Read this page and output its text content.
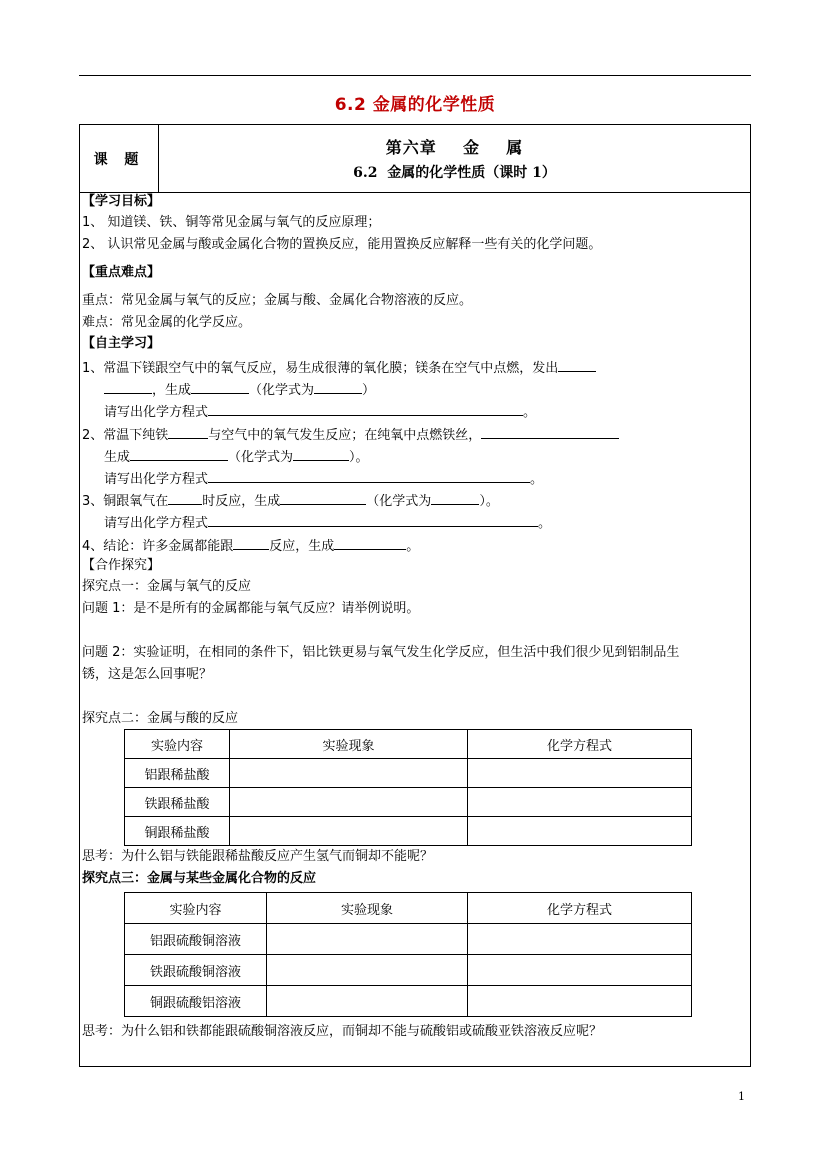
6.2 金属的化学性质
课 题
第六章    金    属
6.2  金属的化学性质（课时 1）
【学习目标】
1、 知道镁、铁、铜等常见金属与氧气的反应原理；
2、 认识常见金属与酸或金属化合物的置换反应，能用置换反应解释一些有关的化学问题。
【重点难点】
重点：常见金属与氧气的反应；金属与酸、金属化合物溶液的反应。
难点：常见金属的化学反应。
【自主学习】
1、常温下镁跟空气中的氧气反应，易生成很薄的氧化膜；镁条在空气中点燃，发出
，生成	（化学式为	）
请写出化学方程式	。
2、常温下纯铁	与空气中的氧气发生反应；在纯氧中点燃铁丝，
生成	（化学式为	）。
请写出化学方程式	。
3、铜跟氧气在	时反应，生成	（化学式为	）。
请写出化学方程式	。
4、结论：许多金属都能跟	反应，生成	。
【合作探究】
探究点一：金属与氧气的反应
问题 1：是不是所有的金属都能与氧气反应？请举例说明。
问题 2：实验证明，在相同的条件下，铝比铁更易与氧气发生化学反应，但生活中我们很少见到铝制品生
锈，这是怎么回事呢？
探究点二：金属与酸的反应
实验内容	实验现象	化学方程式
铝跟稀盐酸		
铁跟稀盐酸		
铜跟稀盐酸		
思考：为什么铝与铁能跟稀盐酸反应产生氢气而铜却不能呢？
探究点三：金属与某些金属化合物的反应
实验内容	实验现象	化学方程式
铝跟硫酸铜溶液		
铁跟硫酸铜溶液		
铜跟硫酸铝溶液		
思考：为什么铝和铁都能跟硫酸铜溶液反应，而铜却不能与硫酸铝或硫酸亚铁溶液反应呢？
1
